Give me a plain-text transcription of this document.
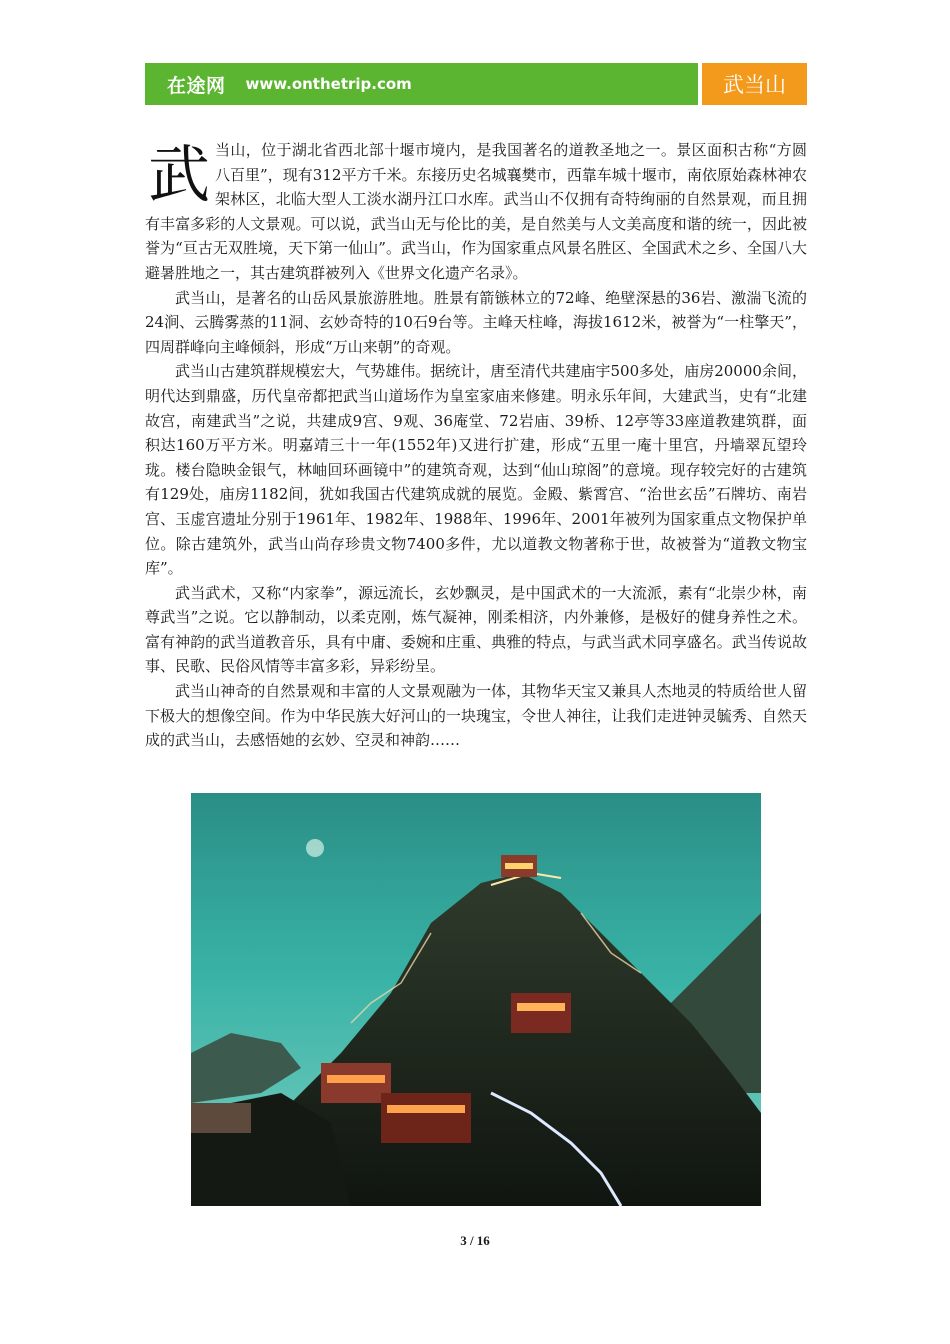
在途网 www.onthetrip.com	武当山

武当山，位于湖北省西北部十堰市境内，是我国著名的道教圣地之一。景区面积古称“方圆八百里”，现有312平方千米。东接历史名城襄樊市，西靠车城十堰市，南依原始森林神农架林区，北临大型人工淡水湖丹江口水库。武当山不仅拥有奇特绚丽的自然景观，而且拥有丰富多彩的人文景观。可以说，武当山无与伦比的美，是自然美与人文美高度和谐的统一，因此被誉为“亘古无双胜境，天下第一仙山”。武当山，作为国家重点风景名胜区、全国武术之乡、全国八大避暑胜地之一，其古建筑群被列入《世界文化遗产名录》。

武当山，是著名的山岳风景旅游胜地。胜景有箭镞林立的72峰、绝壁深悬的36岩、激湍飞流的24涧、云腾雾蒸的11洞、玄妙奇特的10石9台等。主峰天柱峰，海拔1612米，被誉为“一柱擎天”，四周群峰向主峰倾斜，形成“万山来朝”的奇观。

武当山古建筑群规模宏大，气势雄伟。据统计，唐至清代共建庙宇500多处，庙房20000余间，明代达到鼎盛，历代皇帝都把武当山道场作为皇室家庙来修建。明永乐年间，大建武当，史有“北建故宫，南建武当”之说，共建成9宫、9观、36庵堂、72岩庙、39桥、12亭等33座道教建筑群，面积达160万平方米。明嘉靖三十一年(1552年)又进行扩建，形成“五里一庵十里宫，丹墙翠瓦望玲珑。楼台隐映金银气，林岫回环画镜中”的建筑奇观，达到“仙山琼阁”的意境。现存较完好的古建筑有129处，庙房1182间，犹如我国古代建筑成就的展览。金殿、紫霄宫、“治世玄岳”石牌坊、南岩宫、玉虚宫遗址分别于1961年、1982年、1988年、1996年、2001年被列为国家重点文物保护单位。除古建筑外，武当山尚存珍贵文物7400多件，尤以道教文物著称于世，故被誉为“道教文物宝库”。

武当武术，又称“内家拳”，源远流长，玄妙飘灵，是中国武术的一大流派，素有“北崇少林，南尊武当”之说。它以静制动，以柔克刚，炼气凝神，刚柔相济，内外兼修，是极好的健身养性之术。富有神韵的武当道教音乐，具有中庸、委婉和庄重、典雅的特点，与武当武术同享盛名。武当传说故事、民歌、民俗风情等丰富多彩，异彩纷呈。

武当山神奇的自然景观和丰富的人文景观融为一体，其物华天宝又兼具人杰地灵的特质给世人留下极大的想像空间。作为中华民族大好河山的一块瑰宝，令世人神往，让我们走进钟灵毓秀、自然天成的武当山，去感悟她的玄妙、空灵和神韵……

3 / 16
